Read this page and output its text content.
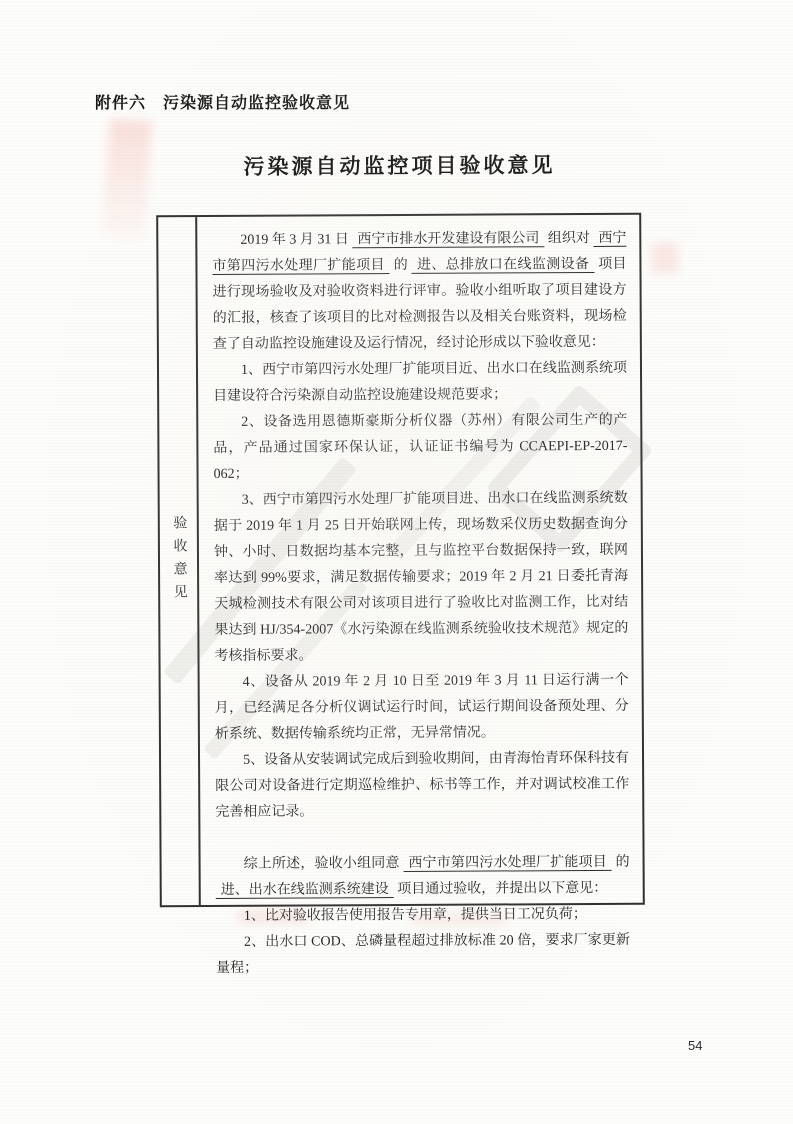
附件六　污染源自动监控验收意见
污染源自动监控项目验收意见
验收意见

2019 年 3 月 31 日 西宁市排水开发建设有限公司 组织对 西宁市第四污水处理厂扩能项目 的 进、总排放口在线监测设备 项目进行现场验收及对验收资料进行评审。验收小组听取了项目建设方的汇报，核查了该项目的比对检测报告以及相关台账资料，现场检查了自动监控设施建设及运行情况，经讨论形成以下验收意见：

1、西宁市第四污水处理厂扩能项目近、出水口在线监测系统项目建设符合污染源自动监控设施建设规范要求；

2、设备选用恩德斯豪斯分析仪器（苏州）有限公司生产的产品，产品通过国家环保认证，认证证书编号为 CCAEPI-EP-2017-062；

3、西宁市第四污水处理厂扩能项目进、出水口在线监测系统数据于 2019 年 1 月 25 日开始联网上传，现场数采仪历史数据查询分钟、小时、日数据均基本完整，且与监控平台数据保持一致，联网率达到 99%要求，满足数据传输要求；2019 年 2 月 21 日委托青海天城检测技术有限公司对该项目进行了验收比对监测工作，比对结果达到 HJ/354-2007《水污染源在线监测系统验收技术规范》规定的考核指标要求。

4、设备从 2019 年 2 月 10 日至 2019 年 3 月 11 日运行满一个月，已经满足各分析仪调试运行时间，试运行期间设备预处理、分析系统、数据传输系统均正常，无异常情况。

5、设备从安装调试完成后到验收期间，由青海怡青环保科技有限公司对设备进行定期巡检维护、标书等工作，并对调试校准工作完善相应记录。

综上所述，验收小组同意 西宁市第四污水处理厂扩能项目 的 进、出水在线监测系统建设 项目通过验收，并提出以下意见：

1、比对验收报告使用报告专用章，提供当日工况负荷；

2、出水口 COD、总磷量程超过排放标准 20 倍，要求厂家更新量程；

54
